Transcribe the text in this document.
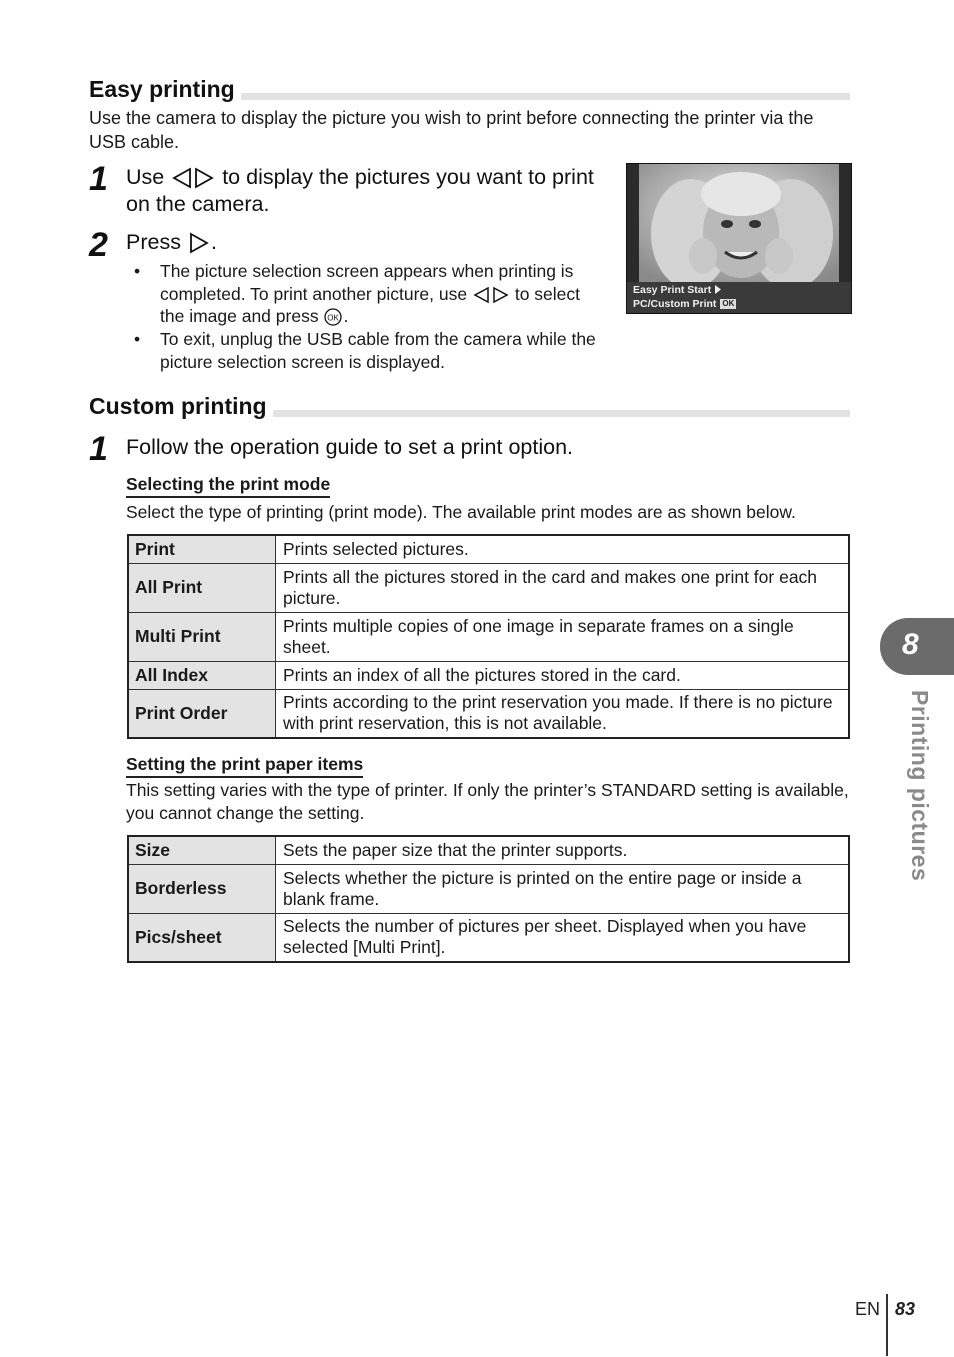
Easy printing
Use the camera to display the picture you wish to print before connecting the printer via the USB cable.
1 Use	to display the pictures you want to print on the camera.
2 Press .
• The picture selection screen appears when printing is completed. To print another picture, use	to select the image and press OK .
• To exit, unplug the USB cable from the camera while the picture selection screen is displayed.
Easy Print Start
PC/Custom Print OK
Custom printing
1 Follow the operation guide to set a print option.
Selecting the print mode
Select the type of printing (print mode). The available print modes are as shown below.
Print	Prints selected pictures.
All Print	Prints all the pictures stored in the card and makes one print for each picture.
Multi Print	Prints multiple copies of one image in separate frames on a single sheet.
All Index	Prints an index of all the pictures stored in the card.
Print Order	Prints according to the print reservation you made. If there is no picture with print reservation, this is not available.
Setting the print paper items
This setting varies with the type of printer. If only the printer’s STANDARD setting is available, you cannot change the setting.
Size	Sets the paper size that the printer supports.
Borderless	Selects whether the picture is printed on the entire page or inside a blank frame.
Pics/sheet	Selects the number of pictures per sheet. Displayed when you have selected [Multi Print].
8
Printing pictures
EN 83
